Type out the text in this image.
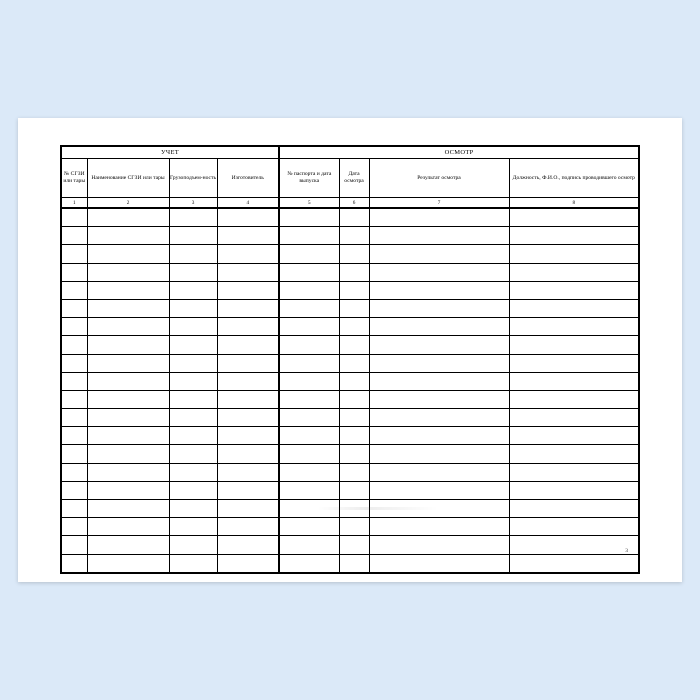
УЧЕТ				ОСМОТР			
№ СГЗИ или тары	Наименование СГЗИ или тары	Грузоподъем-ность	Изготовитель	№ паспорта и дата выпуска	Дата осмотра	Результат осмотра	Должность, Ф.И.О., подпись проводившего осмотр
1	2	3	4	5	6	7	8

3
